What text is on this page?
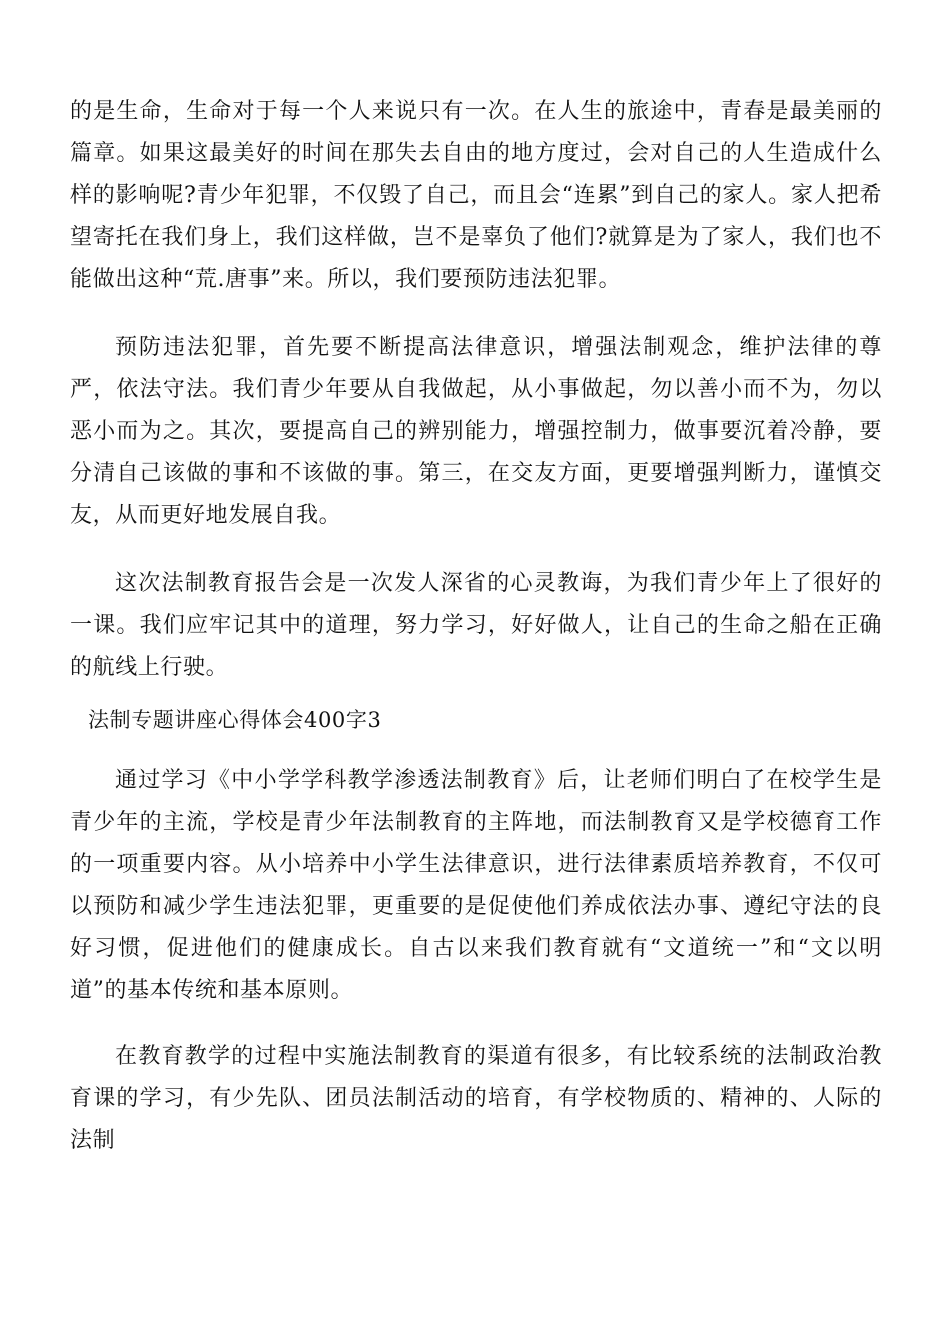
的是生命，生命对于每一个人来说只有一次。在人生的旅途中，青春是最美丽的篇章。如果这最美好的时间在那失去自由的地方度过，会对自己的人生造成什么样的影响呢?青少年犯罪，不仅毁了自己，而且会“连累”到自己的家人。家人把希望寄托在我们身上，我们这样做，岂不是辜负了他们?就算是为了家人，我们也不能做出这种“荒.唐事”来。所以，我们要预防违法犯罪。

预防违法犯罪，首先要不断提高法律意识，增强法制观念，维护法律的尊严，依法守法。我们青少年要从自我做起，从小事做起，勿以善小而不为，勿以恶小而为之。其次，要提高自己的辨别能力，增强控制力，做事要沉着冷静，要分清自己该做的事和不该做的事。第三，在交友方面，更要增强判断力，谨慎交友，从而更好地发展自我。

这次法制教育报告会是一次发人深省的心灵教诲，为我们青少年上了很好的一课。我们应牢记其中的道理，努力学习，好好做人，让自己的生命之船在正确的航线上行驶。

法制专题讲座心得体会400字3

通过学习《中小学学科教学渗透法制教育》后，让老师们明白了在校学生是青少年的主流，学校是青少年法制教育的主阵地，而法制教育又是学校德育工作的一项重要内容。从小培养中小学生法律意识，进行法律素质培养教育，不仅可以预防和减少学生违法犯罪，更重要的是促使他们养成依法办事、遵纪守法的良好习惯，促进他们的健康成长。自古以来我们教育就有“文道统一”和“文以明道”的基本传统和基本原则。

在教育教学的过程中实施法制教育的渠道有很多，有比较系统的法制政治教育课的学习，有少先队、团员法制活动的培育，有学校物质的、精神的、人际的法制
